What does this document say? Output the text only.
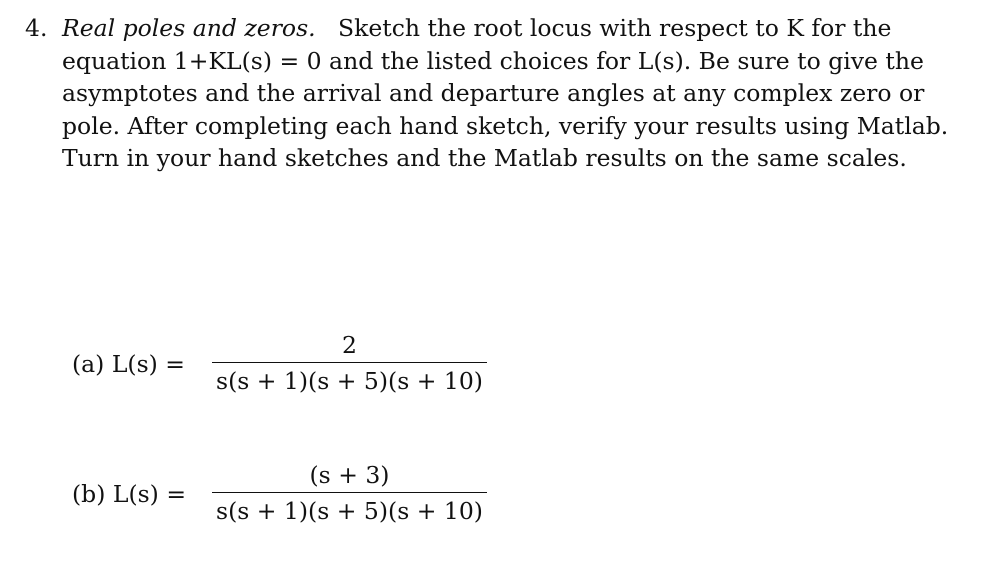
4. Real poles and zeros. Sketch the root locus with respect to K for the
equation 1+KL(s) = 0 and the listed choices for L(s). Be sure to give the
asymptotes and the arrival and departure angles at any complex zero or
pole. After completing each hand sketch, verify your results using Matlab.
Turn in your hand sketches and the Matlab results on the same scales.
(a) L(s) =
2
s(s + 1)(s + 5)(s + 10)
(b) L(s) =
(s + 3)
s(s + 1)(s + 5)(s + 10)
